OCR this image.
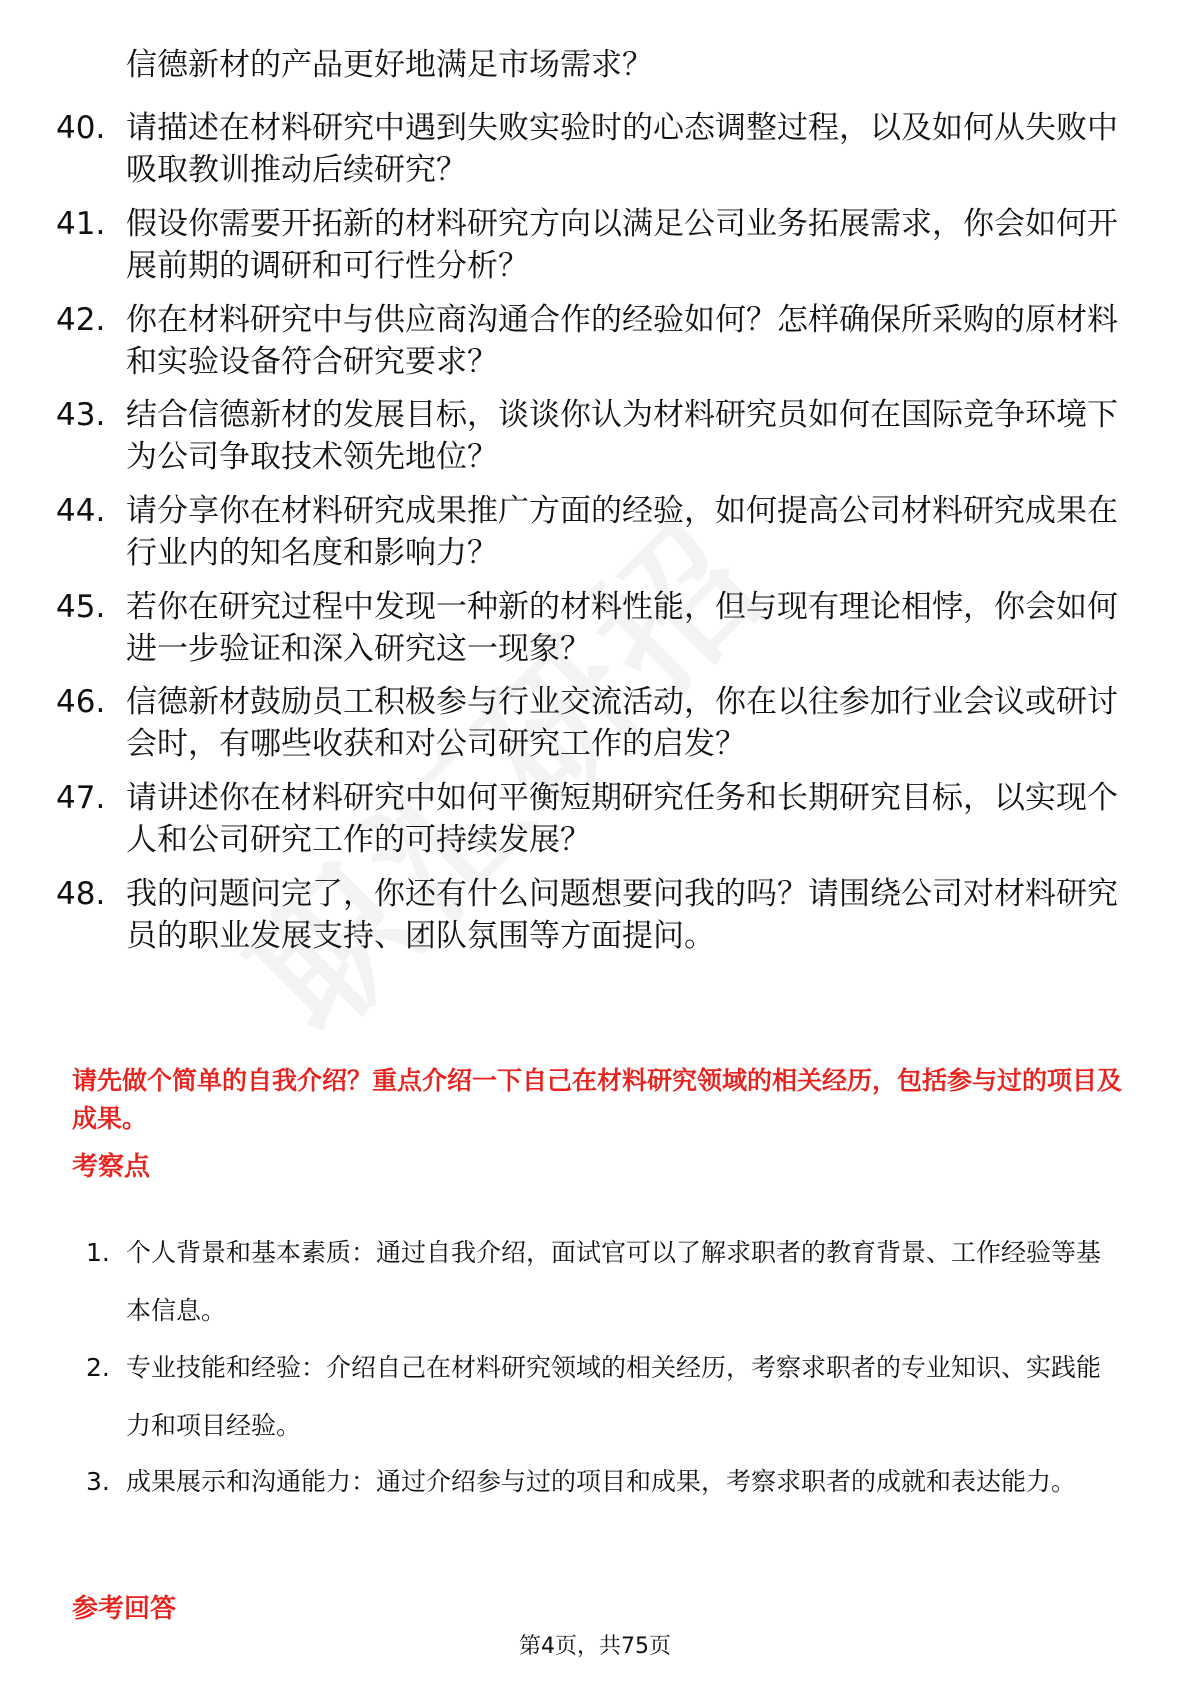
信德新材的产品更好地满足市场需求？
40. 请描述在材料研究中遇到失败实验时的心态调整过程，以及如何从失败中吸取教训推动后续研究？
41. 假设你需要开拓新的材料研究方向以满足公司业务拓展需求，你会如何开展前期的调研和可行性分析？
42. 你在材料研究中与供应商沟通合作的经验如何？怎样确保所采购的原材料和实验设备符合研究要求？
43. 结合信德新材的发展目标，谈谈你认为材料研究员如何在国际竞争环境下为公司争取技术领先地位？
44. 请分享你在材料研究成果推广方面的经验，如何提高公司材料研究成果在行业内的知名度和影响力？
45. 若你在研究过程中发现一种新的材料性能，但与现有理论相悖，你会如何进一步验证和深入研究这一现象？
46. 信德新材鼓励员工积极参与行业交流活动，你在以往参加行业会议或研讨会时，有哪些收获和对公司研究工作的启发？
47. 请讲述你在材料研究中如何平衡短期研究任务和长期研究目标，以实现个人和公司研究工作的可持续发展？
48. 我的问题问完了，你还有什么问题想要问我的吗？请围绕公司对材料研究员的职业发展支持、团队氛围等方面提问。
请先做个简单的自我介绍？重点介绍一下自己在材料研究领域的相关经历，包括参与过的项目及成果。
考察点
1. 个人背景和基本素质：通过自我介绍，面试官可以了解求职者的教育背景、工作经验等基本信息。
2. 专业技能和经验：介绍自己在材料研究领域的相关经历，考察求职者的专业知识、实践能力和项目经验。
3. 成果展示和沟通能力：通过介绍参与过的项目和成果，考察求职者的成就和表达能力。
参考回答
第4页，共75页
